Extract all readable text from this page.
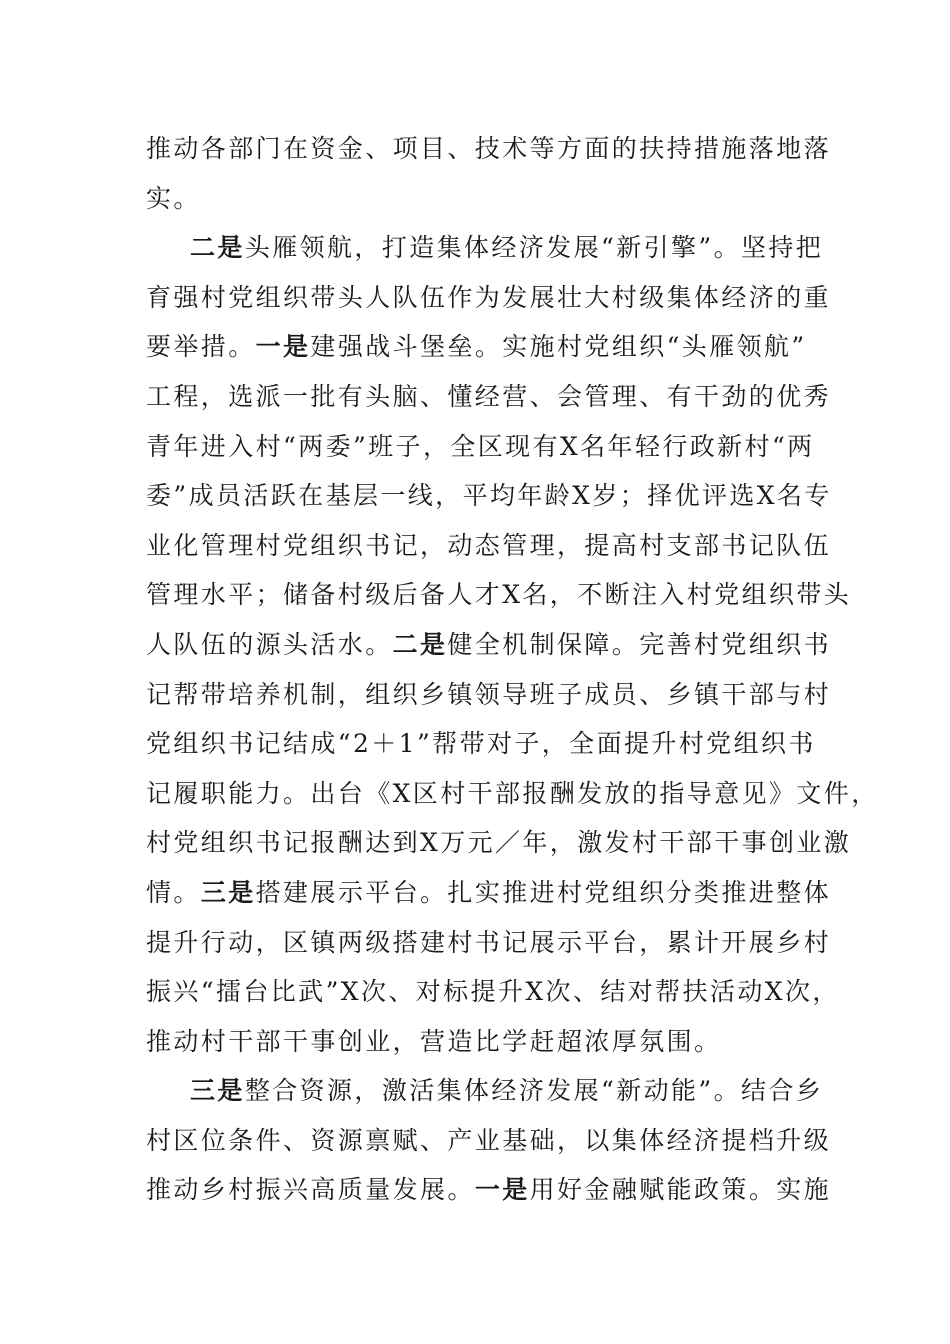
推动各部门在资金、项目、技术等方面的扶持措施落地落
实。
二是头雁领航，打造集体经济发展“新引擎”。坚持把
育强村党组织带头人队伍作为发展壮大村级集体经济的重
要举措。一是建强战斗堡垒。实施村党组织“头雁领航”
工程，选派一批有头脑、懂经营、会管理、有干劲的优秀
青年进入村“两委”班子，全区现有X名年轻行政新村“两
委”成员活跃在基层一线，平均年龄X岁；择优评选X名专
业化管理村党组织书记，动态管理，提高村支部书记队伍
管理水平；储备村级后备人才X名，不断注入村党组织带头
人队伍的源头活水。二是健全机制保障。完善村党组织书
记帮带培养机制，组织乡镇领导班子成员、乡镇干部与村
党组织书记结成“2＋1”帮带对子，全面提升村党组织书
记履职能力。出台《X区村干部报酬发放的指导意见》文件，
村党组织书记报酬达到X万元／年，激发村干部干事创业激
情。三是搭建展示平台。扎实推进村党组织分类推进整体
提升行动，区镇两级搭建村书记展示平台，累计开展乡村
振兴“擂台比武”X次、对标提升X次、结对帮扶活动X次，
推动村干部干事创业，营造比学赶超浓厚氛围。
三是整合资源，激活集体经济发展“新动能”。结合乡
村区位条件、资源禀赋、产业基础，以集体经济提档升级
推动乡村振兴高质量发展。一是用好金融赋能政策。实施
